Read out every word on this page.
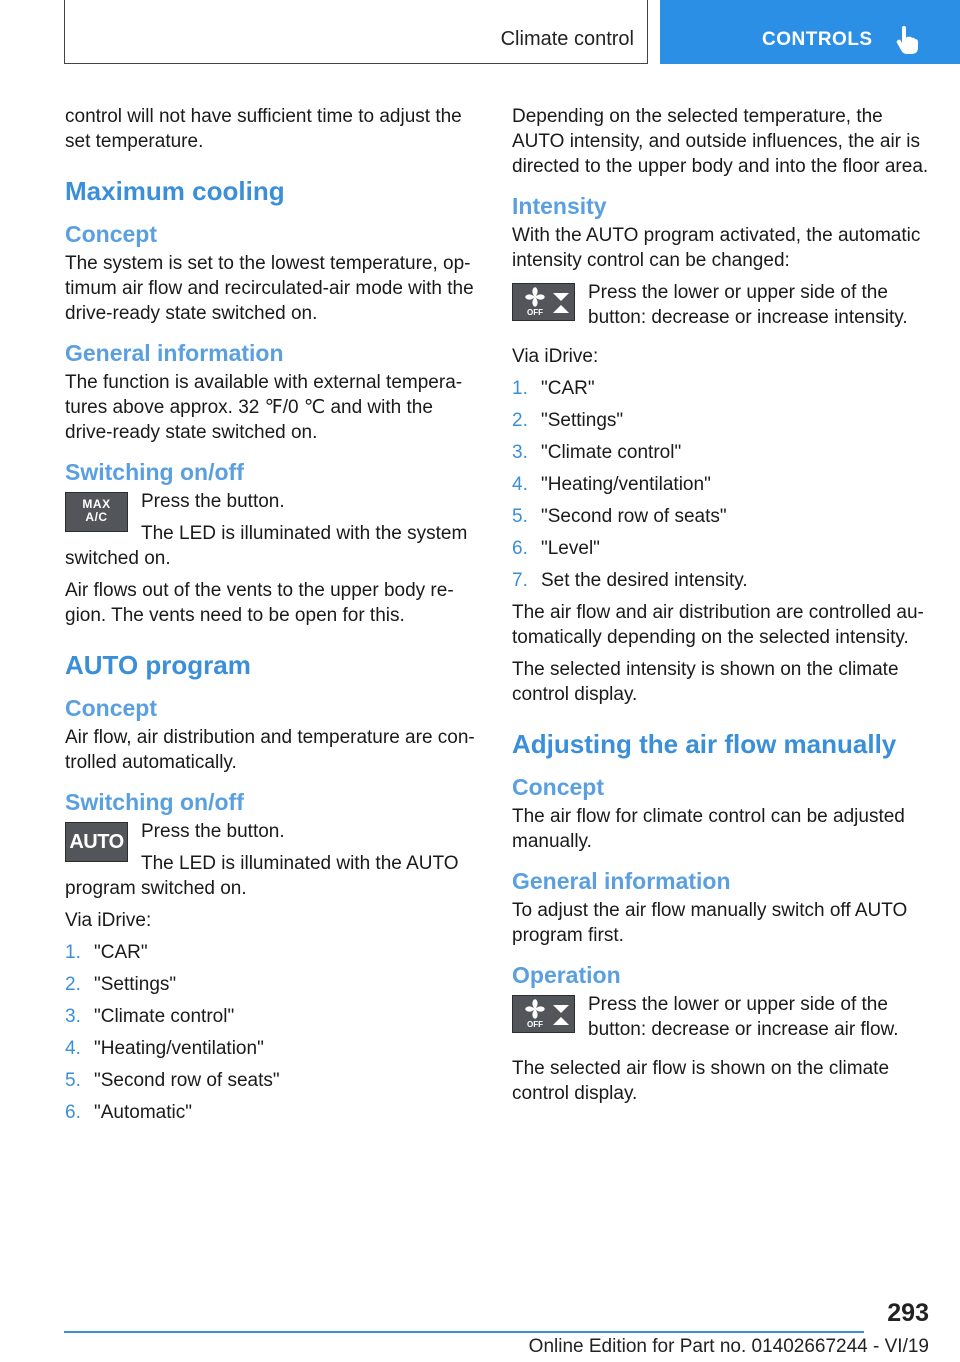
Climate control	CONTROLS

control will not have sufficient time to adjust the set temperature.

Maximum cooling
Concept

The system is set to the lowest temperature, op‐timum air flow and recirculated-air mode with the drive-ready state switched on.

General information

The function is available with external tempera‐tures above approx. 32 ℉/0 ℃ and with the drive-ready state switched on.

Switching on/off
MAX
A/C

Press the button.

The LED is illuminated with the system switched on.

Air flows out of the vents to the upper body re‐gion. The vents need to be open for this.

AUTO program
Concept

Air flow, air distribution and temperature are con‐trolled automatically.

Switching on/off
AUTO Press the button.

The LED is illuminated with the AUTO program switched on.

Via iDrive:

1. "CAR"
2. "Settings"
3. "Climate control"
4. "Heating/ventilation"
5. "Second row of seats"
6. "Automatic"

Depending on the selected temperature, the AUTO intensity, and outside influences, the air is directed to the upper body and into the floor area.

Intensity

With the AUTO program activated, the automatic intensity control can be changed:

OFF

Press the lower or upper side of the button: decrease or increase intensity.

Via iDrive:

1. "CAR"
2. "Settings"
3. "Climate control"
4. "Heating/ventilation"
5. "Second row of seats"
6. "Level"
7. Set the desired intensity.

The air flow and air distribution are controlled au‐tomatically depending on the selected intensity.

The selected intensity is shown on the climate control display.

Adjusting the air flow manually
Concept

The air flow for climate control can be adjusted manually.

General information

To adjust the air flow manually switch off AUTO program first.

Operation
OFF

Press the lower or upper side of the button: decrease or increase air flow.

The selected air flow is shown on the climate control display.

293
Online Edition for Part no. 01402667244 - VI/19
